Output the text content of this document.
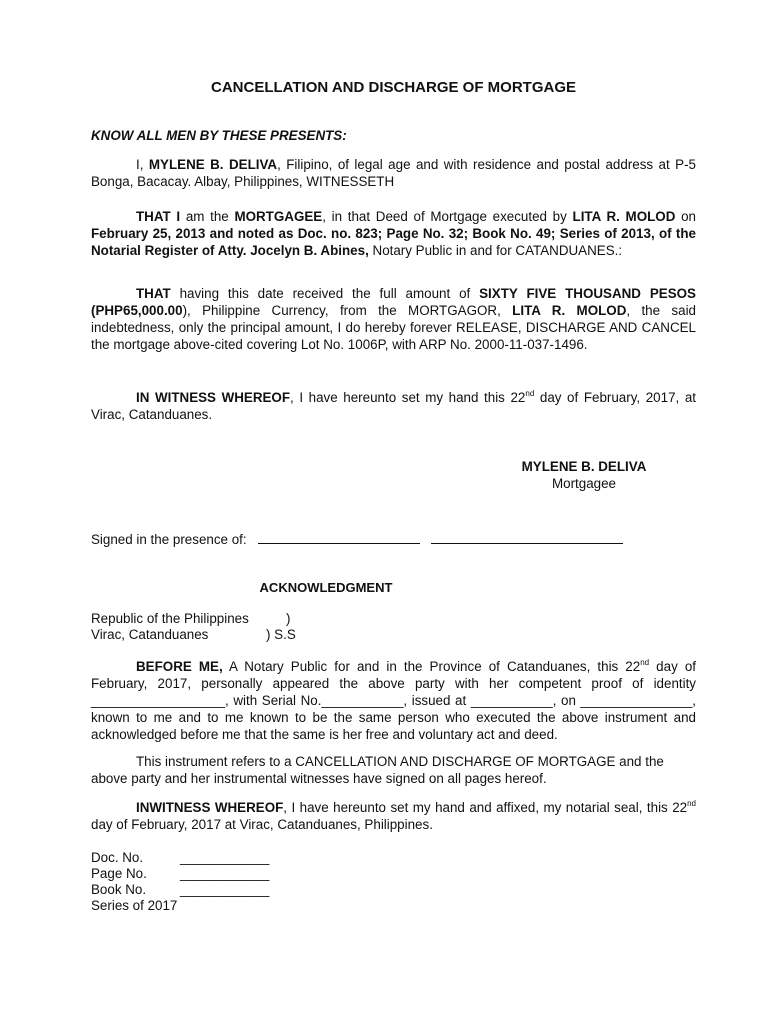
CANCELLATION AND DISCHARGE OF MORTGAGE
KNOW ALL MEN BY THESE PRESENTS:

I, MYLENE B. DELIVA, Filipino, of legal age and with residence and postal address at P-5 Bonga, Bacacay. Albay, Philippines, WITNESSETH

THAT I am the MORTGAGEE, in that Deed of Mortgage executed by LITA R. MOLOD on February 25, 2013 and noted as Doc. no. 823; Page No. 32; Book No. 49; Series of 2013, of the Notarial Register of Atty. Jocelyn B. Abines, Notary Public in and for CATANDUANES.:

THAT having this date received the full amount of SIXTY FIVE THOUSAND PESOS (PHP65,000.00), Philippine Currency, from the MORTGAGOR, LITA R. MOLOD, the said indebtedness, only the principal amount, I do hereby forever RELEASE, DISCHARGE AND CANCEL the mortgage above-cited covering Lot No. 1006P, with ARP No. 2000-11-037-1496.

IN WITNESS WHEREOF, I have hereunto set my hand this 22nd day of February, 2017, at Virac, Catanduanes.

MYLENE B. DELIVA
Mortgagee
Signed in the presence of:
ACKNOWLEDGMENT
Republic of the Philippines	)
Virac, Catanduanes	) S.S

BEFORE ME, A Notary Public for and in the Province of Catanduanes, this 22nd day of February, 2017, personally appeared the above party with her competent proof of identity __________________, with Serial No.___________, issued at ___________, on _______________, known to me and to me known to be the same person who executed the above instrument and acknowledged before me that the same is her free and voluntary act and deed.

This instrument refers to a CANCELLATION AND DISCHARGE OF MORTGAGE and the above party and her instrumental witnesses have signed on all pages hereof.

INWITNESS WHEREOF, I have hereunto set my hand and affixed, my notarial seal, this 22nd day of February, 2017 at Virac, Catanduanes, Philippines.

Doc. No.	____________
Page No. ____________
Book No.	____________
Series of 2017
